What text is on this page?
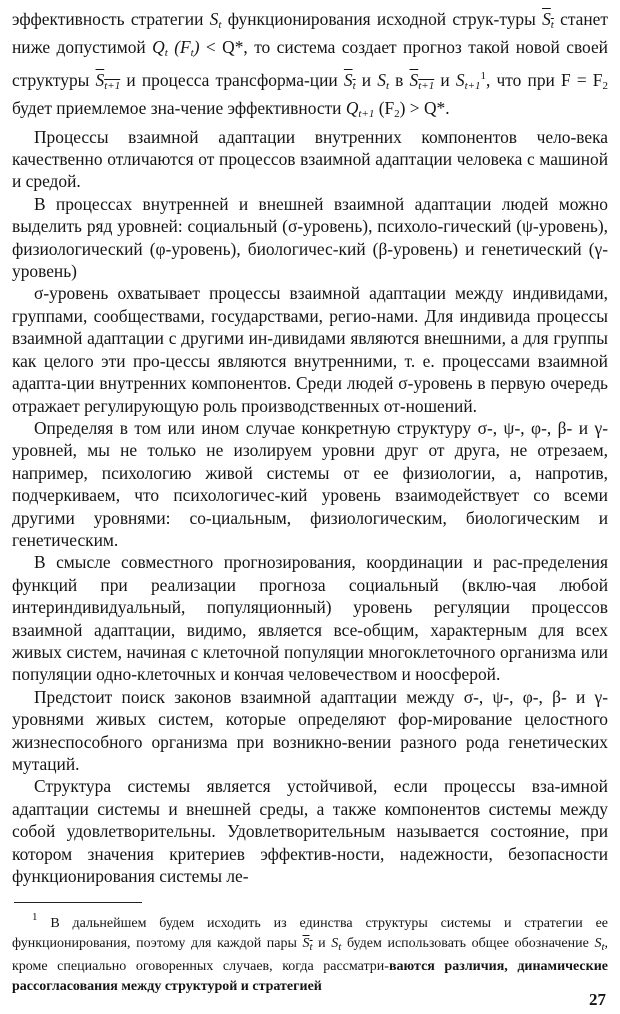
эффективность стратегии $S_t$ функционирования исходной струк-туры $S_t$ станет ниже допустимой $Q_t$ $(F_t) < Q*$, то система создает прогноз такой новой своей структуры $S_{t+1}$ и процесса трансформа-ции $S_t$ и $S_t$ в $S_{t+1}$ и $S_{t+1}^1$, что при $F = F_2$ будет приемлемое зна-чение эффективности $Q_{t+1}$ $(F_2) > Q*$.

Процессы взаимной адаптации внутренних компонентов чело-века качественно отличаются от процессов взаимной адаптации человека с машиной и средой.

В процессах внутренней и внешней взаимной адаптации людей можно выделить ряд уровней: социальный (σ-уровень), психоло-гический (ψ-уровень), физиологический (φ-уровень), биологичес-кий (β-уровень) и генетический (γ-уровень)

σ-уровень охватывает процессы взаимной адаптации между индивидами, группами, сообществами, государствами, регио-нами. Для индивида процессы взаимной адаптации с другими ин-дивидами являются внешними, а для группы как целого эти про-цессы являются внутренними, т. е. процессами взаимной адапта-ции внутренних компонентов. Среди людей σ-уровень в первую очередь отражает регулирующую роль производственных от-ношений.

Определяя в том или ином случае конкретную структуру σ-, ψ-, φ-, β- и γ-уровней, мы не только не изолируем уровни друг от друга, не отрезаем, например, психологию живой системы от ее физиологии, а, напротив, подчеркиваем, что психологичес-кий уровень взаимодействует со всеми другими уровнями: со-циальным, физиологическим, биологическим и генетическим.

В смысле совместного прогнозирования, координации и рас-пределения функций при реализации прогноза социальный (вклю-чая любой интериндивидуальный, популяционный) уровень регуляции процессов взаимной адаптации, видимо, является все-общим, характерным для всех живых систем, начиная с клеточной популяции многоклеточного организма или популяции одно-клеточных и кончая человечеством и ноосферой.

Предстоит поиск законов взаимной адаптации между σ-, ψ-, φ-, β- и γ-уровнями живых систем, которые определяют фор-мирование целостного жизнеспособного организма при возникно-вении разного рода генетических мутаций.

Структура системы является устойчивой, если процессы вза-имной адаптации системы и внешней среды, а также компонентов системы между собой удовлетворительны. Удовлетворительным называется состояние, при котором значения критериев эффектив-ности, надежности, безопасности функционирования системы ле-

$^1$ В дальнейшем будем исходить из единства структуры системы и стратегии ее функционирования, поэтому для каждой пары $S_t$ и $S_t$ будем использовать общее обозначение $S_t$, кроме специально оговоренных случаев, когда рассматри-ваются различия, динамические рассогласования между структурой и стратегией

27
